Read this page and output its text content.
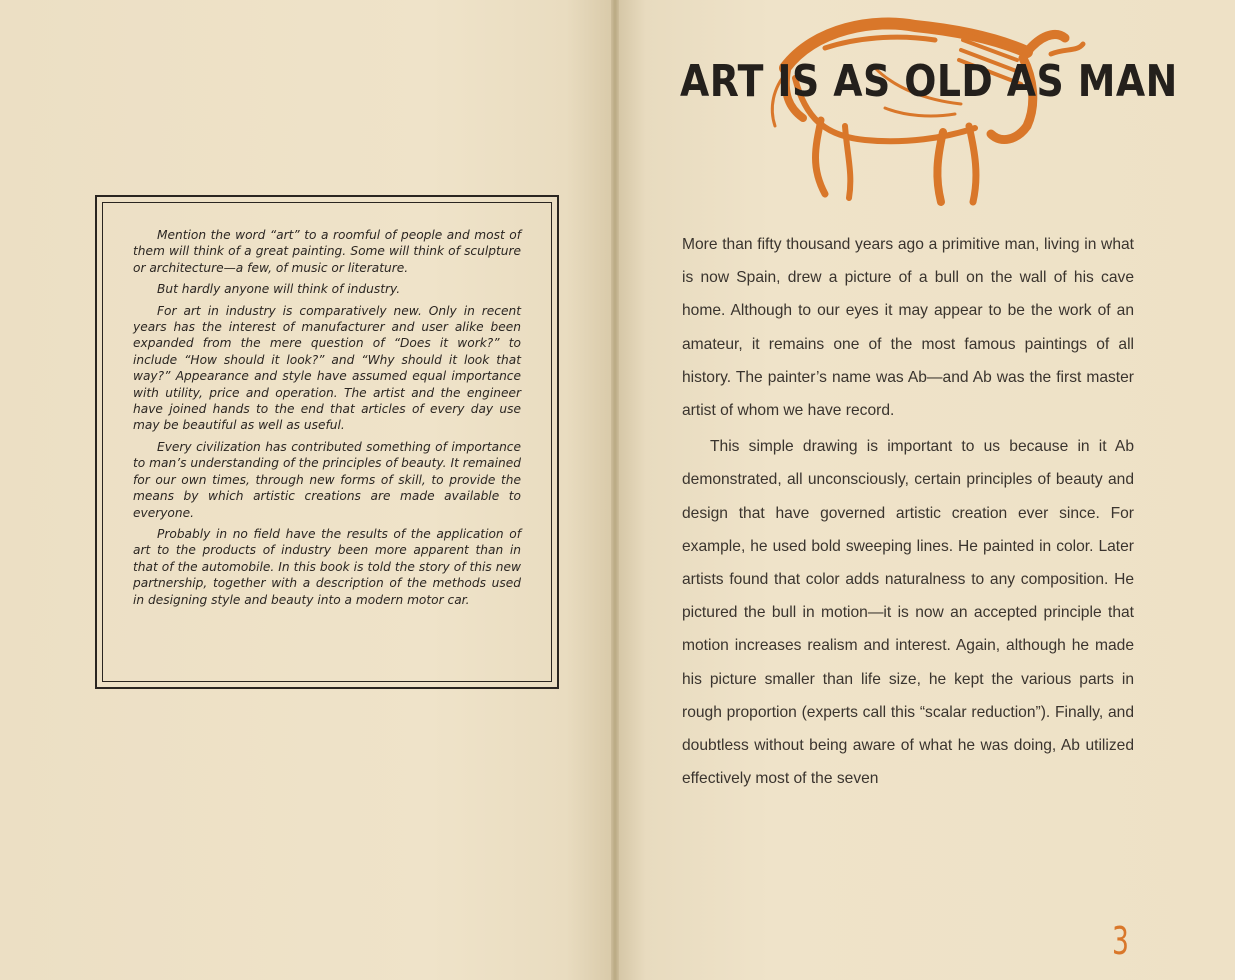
Mention the word “art” to a roomful of people and most of them will think of a great painting. Some will think of sculpture or architecture—a few, of music or literature.

But hardly anyone will think of industry.

For art in industry is comparatively new. Only in recent years has the interest of manufacturer and user alike been expanded from the mere question of “Does it work?” to include “How should it look?” and “Why should it look that way?” Appearance and style have assumed equal importance with utility, price and operation. The artist and the engineer have joined hands to the end that articles of every day use may be beautiful as well as useful.

Every civilization has contributed something of importance to man’s understanding of the principles of beauty. It remained for our own times, through new forms of skill, to provide the means by which artistic creations are made available to everyone.

Probably in no field have the results of the application of art to the products of industry been more apparent than in that of the automobile. In this book is told the story of this new partnership, together with a description of the methods used in designing style and beauty into a modern motor car.

ART IS AS OLD AS MAN

More than fifty thousand years ago a primitive man, living in what is now Spain, drew a picture of a bull on the wall of his cave home. Although to our eyes it may appear to be the work of an amateur, it remains one of the most famous paintings of all history. The painter’s name was Ab—and Ab was the first master artist of whom we have record.

This simple drawing is important to us because in it Ab demonstrated, all unconsciously, certain principles of beauty and design that have governed artistic creation ever since. For example, he used bold sweeping lines. He painted in color. Later artists found that color adds naturalness to any composition. He pictured the bull in motion—it is now an accepted principle that motion increases realism and interest. Again, although he made his picture smaller than life size, he kept the various parts in rough proportion (experts call this “scalar reduction”). Finally, and doubtless without being aware of what he was doing, Ab utilized effectively most of the seven

3
